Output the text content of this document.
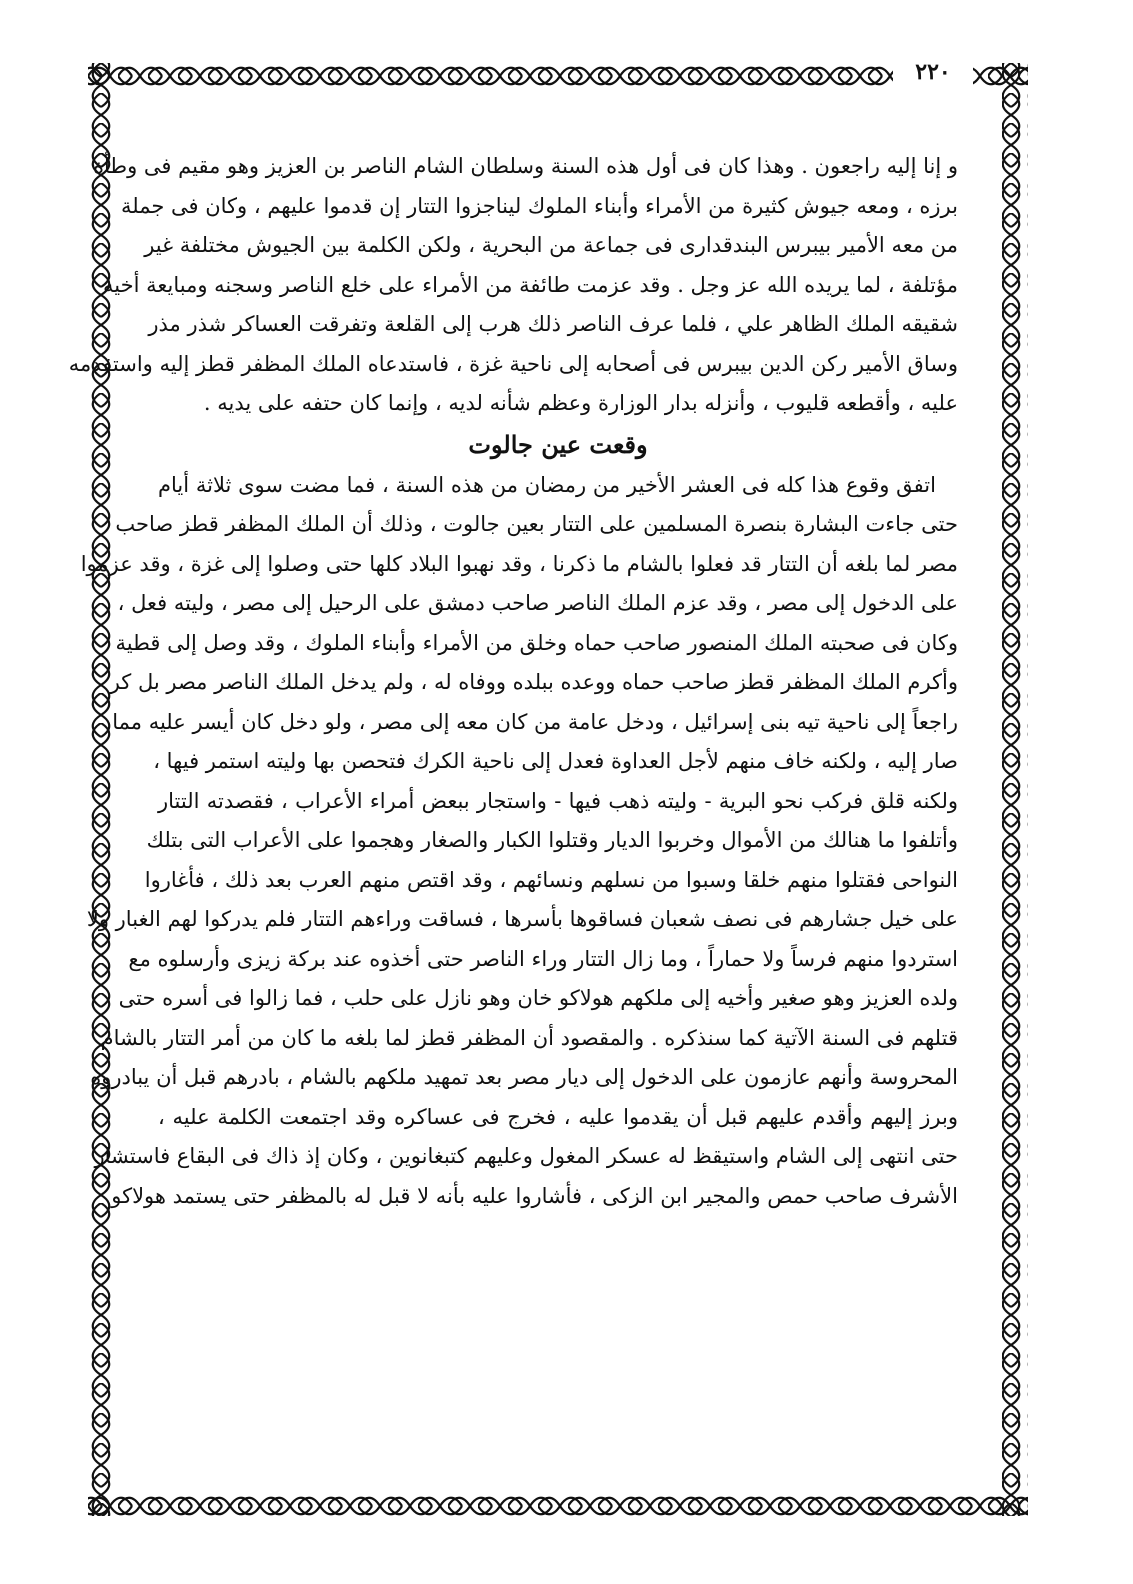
٢٢٠

و إنا إليه راجعون . وهذا كان فى أول هذه السنة وسلطان الشام الناصر بن العزيز وهو مقيم فى وطأة
برزه ، ومعه جيوش كثيرة من الأمراء وأبناء الملوك ليناجزوا التتار إن قدموا عليهم ، وكان فى جملة
من معه الأمير بيبرس البندقدارى فى جماعة من البحرية ، ولكن الكلمة بين الجيوش مختلفة غير
مؤتلفة ، لما يريده الله عز وجل . وقد عزمت طائفة من الأمراء على خلع الناصر وسجنه ومبايعة أخيه
شقيقه الملك الظاهر علي ، فلما عرف الناصر ذلك هرب إلى القلعة وتفرقت العساكر شذر مذر
وساق الأمير ركن الدين بيبرس فى أصحابه إلى ناحية غزة ، فاستدعاه الملك المظفر قطز إليه واستقدمه
عليه ، وأقطعه قليوب ، وأنزله بدار الوزارة وعظم شأنه لديه ، وإنما كان حتفه على يديه .

وقعت عين جالوت

اتفق وقوع هذا كله فى العشر الأخير من رمضان من هذه السنة ، فما مضت سوى ثلاثة أيام
حتى جاءت البشارة بنصرة المسلمين على التتار بعين جالوت ، وذلك أن الملك المظفر قطز صاحب
مصر لما بلغه أن التتار قد فعلوا بالشام ما ذكرنا ، وقد نهبوا البلاد كلها حتى وصلوا إلى غزة ، وقد عزموا
على الدخول إلى مصر ، وقد عزم الملك الناصر صاحب دمشق على الرحيل إلى مصر ، وليته فعل ،
وكان فى صحبته الملك المنصور صاحب حماه وخلق من الأمراء وأبناء الملوك ، وقد وصل إلى قطية
وأكرم الملك المظفر قطز صاحب حماه ووعده ببلده ووفاه له ، ولم يدخل الملك الناصر مصر بل كر
راجعاً إلى ناحية تيه بنى إسرائيل ، ودخل عامة من كان معه إلى مصر ، ولو دخل كان أيسر عليه مما
صار إليه ، ولكنه خاف منهم لأجل العداوة فعدل إلى ناحية الكرك فتحصن بها وليته استمر فيها ،
ولكنه قلق فركب نحو البرية - وليته ذهب فيها - واستجار ببعض أمراء الأعراب ، فقصدته التتار
وأتلفوا ما هنالك من الأموال وخربوا الديار وقتلوا الكبار والصغار وهجموا على الأعراب التى بتلك
النواحى فقتلوا منهم خلقا وسبوا من نسلهم ونسائهم ، وقد اقتص منهم العرب بعد ذلك ، فأغاروا
على خيل جشارهم فى نصف شعبان فساقوها بأسرها ، فساقت وراءهم التتار فلم يدركوا لهم الغبار ولا
استردوا منهم فرساً ولا حماراً ، وما زال التتار وراء الناصر حتى أخذوه عند بركة زيزى وأرسلوه مع
ولده العزيز وهو صغير وأخيه إلى ملكهم هولاكو خان وهو نازل على حلب ، فما زالوا فى أسره حتى
قتلهم فى السنة الآتية كما سنذكره . والمقصود أن المظفر قطز لما بلغه ما كان من أمر التتار بالشام
المحروسة وأنهم عازمون على الدخول إلى ديار مصر بعد تمهيد ملكهم بالشام ، بادرهم قبل أن يبادروه
وبرز إليهم وأقدم عليهم قبل أن يقدموا عليه ، فخرج فى عساكره وقد اجتمعت الكلمة عليه ،
حتى انتهى إلى الشام واستيقظ له عسكر المغول وعليهم كتبغانوين ، وكان إذ ذاك فى البقاع فاستشار
الأشرف صاحب حمص والمجير ابن الزكى ، فأشاروا عليه بأنه لا قبل له بالمظفر حتى يستمد هولاكو
